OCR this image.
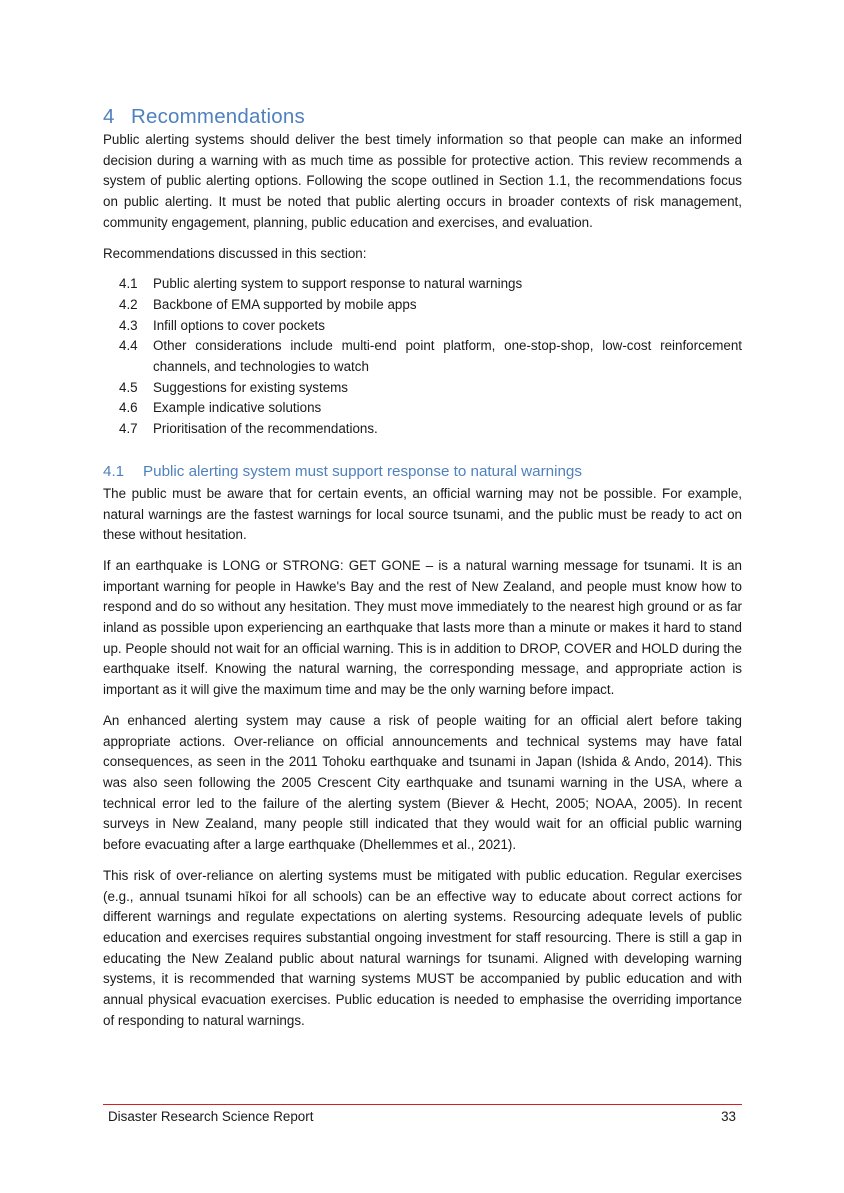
4 Recommendations

Public alerting systems should deliver the best timely information so that people can make an informed decision during a warning with as much time as possible for protective action. This review recommends a system of public alerting options. Following the scope outlined in Section 1.1, the recommendations focus on public alerting. It must be noted that public alerting occurs in broader contexts of risk management, community engagement, planning, public education and exercises, and evaluation.

Recommendations discussed in this section:

4.1	Public alerting system to support response to natural warnings
4.2	Backbone of EMA supported by mobile apps
4.3	Infill options to cover pockets
4.4	Other considerations include multi-end point platform, one-stop-shop, low-cost reinforcement channels, and technologies to watch
4.5	Suggestions for existing systems
4.6	Example indicative solutions
4.7	Prioritisation of the recommendations.
4.1 Public alerting system must support response to natural warnings

The public must be aware that for certain events, an official warning may not be possible. For example, natural warnings are the fastest warnings for local source tsunami, and the public must be ready to act on these without hesitation.

If an earthquake is LONG or STRONG: GET GONE – is a natural warning message for tsunami. It is an important warning for people in Hawke's Bay and the rest of New Zealand, and people must know how to respond and do so without any hesitation. They must move immediately to the nearest high ground or as far inland as possible upon experiencing an earthquake that lasts more than a minute or makes it hard to stand up. People should not wait for an official warning. This is in addition to DROP, COVER and HOLD during the earthquake itself. Knowing the natural warning, the corresponding message, and appropriate action is important as it will give the maximum time and may be the only warning before impact.

An enhanced alerting system may cause a risk of people waiting for an official alert before taking appropriate actions. Over-reliance on official announcements and technical systems may have fatal consequences, as seen in the 2011 Tohoku earthquake and tsunami in Japan (Ishida & Ando, 2014). This was also seen following the 2005 Crescent City earthquake and tsunami warning in the USA, where a technical error led to the failure of the alerting system (Biever & Hecht, 2005; NOAA, 2005). In recent surveys in New Zealand, many people still indicated that they would wait for an official public warning before evacuating after a large earthquake (Dhellemmes et al., 2021).

This risk of over-reliance on alerting systems must be mitigated with public education. Regular exercises (e.g., annual tsunami hīkoi for all schools) can be an effective way to educate about correct actions for different warnings and regulate expectations on alerting systems. Resourcing adequate levels of public education and exercises requires substantial ongoing investment for staff resourcing. There is still a gap in educating the New Zealand public about natural warnings for tsunami. Aligned with developing warning systems, it is recommended that warning systems MUST be accompanied by public education and with annual physical evacuation exercises. Public education is needed to emphasise the overriding importance of responding to natural warnings.

Disaster Research Science Report	33
